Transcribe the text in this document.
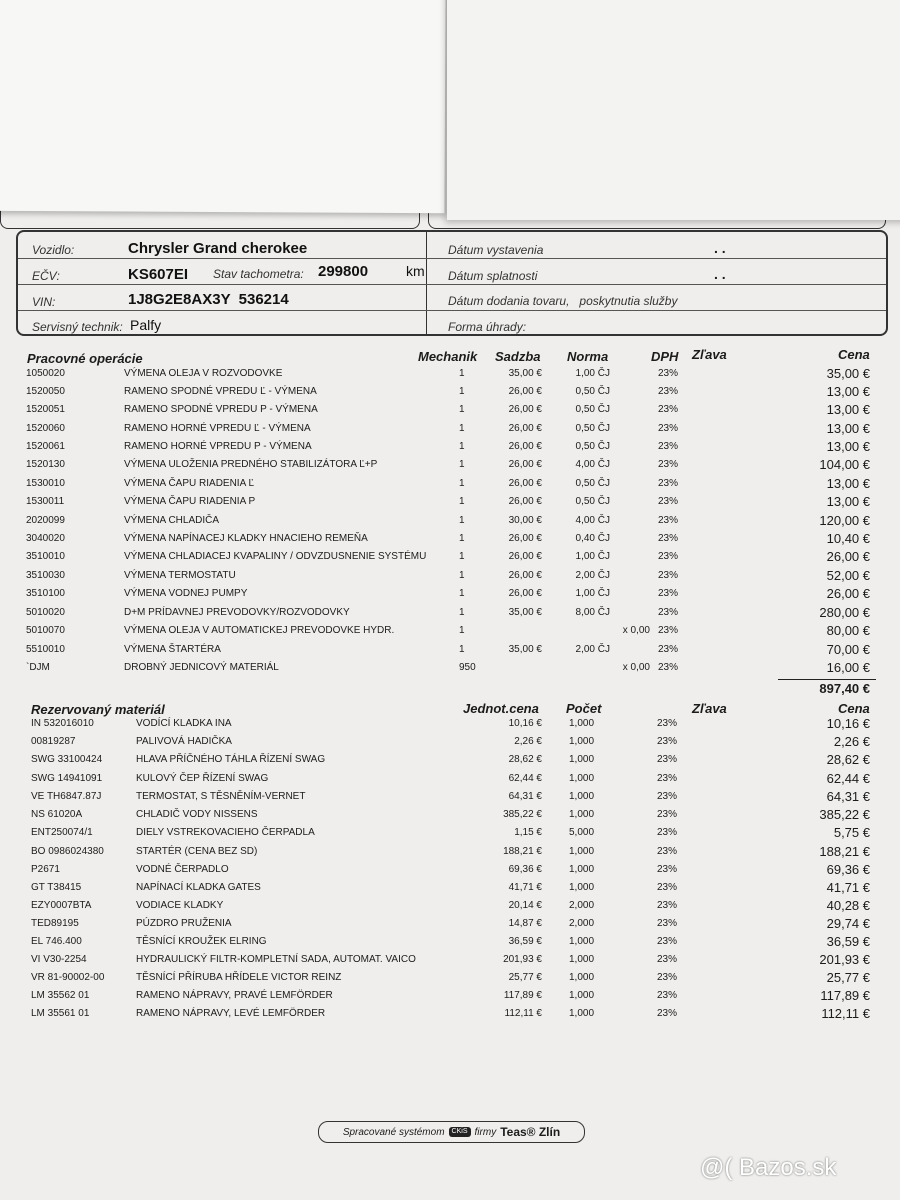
Vozidlo:	Chrysler Grand cherokee
EČV:	KS607EI Stav tachometra: 299800	km
VIN:	1J8G2E8AX3Y  536214
Servisný technik: Palfy
Dátum vystavenia	. .
Dátum splatnosti	. .
Dátum dodania tovaru,   poskytnutia služby
Forma úhrady:
Pracovné operácie	Mechanik Sadzba Norma	DPH Zľava	Cena
1050020	VÝMENA OLEJA V ROZVODOVKE	1	35,00 €	1,00 ČJ	23%	35,00 €
1520050	RAMENO SPODNÉ VPREDU Ľ - VÝMENA	1	26,00 €	0,50 ČJ	23%	13,00 €
1520051	RAMENO SPODNÉ VPREDU P - VÝMENA	1	26,00 €	0,50 ČJ	23%	13,00 €
1520060	RAMENO HORNÉ VPREDU Ľ - VÝMENA	1	26,00 €	0,50 ČJ	23%	13,00 €
1520061	RAMENO HORNÉ VPREDU P - VÝMENA	1	26,00 €	0,50 ČJ	23%	13,00 €
1520130	VÝMENA ULOŽENIA PREDNÉHO STABILIZÁTORA Ľ+P	1	26,00 €	4,00 ČJ	23%	104,00 €
1530010	VÝMENA ČAPU RIADENIA Ľ	1	26,00 €	0,50 ČJ	23%	13,00 €
1530011	VÝMENA ČAPU RIADENIA P	1	26,00 €	0,50 ČJ	23%	13,00 €
2020099	VÝMENA CHLADIČA	1	30,00 €	4,00 ČJ	23%	120,00 €
3040020	VÝMENA NAPÍNACEJ KLADKY HNACIEHO REMEŇA	1	26,00 €	0,40 ČJ	23%	10,40 €
3510010	VÝMENA CHLADIACEJ KVAPALINY / ODVZDUSNENIE SYSTÉMU	1	26,00 €	1,00 ČJ	23%	26,00 €
3510030	VÝMENA TERMOSTATU	1	26,00 €	2,00 ČJ	23%	52,00 €
3510100	VÝMENA VODNEJ PUMPY	1	26,00 €	1,00 ČJ	23%	26,00 €
5010020	D+M PRÍDAVNEJ PREVODOVKY/ROZVODOVKY	1	35,00 €	8,00 ČJ	23%	280,00 €
5010070	VÝMENA OLEJA V AUTOMATICKEJ PREVODOVKE HYDR.	1	x 0,00 23%	80,00 €
5510010	VÝMENA ŠTARTÉRA	1	35,00 €	2,00 ČJ	23%	70,00 €
`DJM	DROBNÝ JEDNICOVÝ MATERIÁL	950	x 0,00 23%	16,00 €
897,40 €
Rezervovaný materiál	Jednot.cena Počet	Zľava	Cena
IN 532016010	VODÍCÍ KLADKA INA	10,16 €	1,000	23%	10,16 €
00819287	PALIVOVÁ HADIČKA	2,26 €	1,000	23%	2,26 €
SWG 33100424	HLAVA PŘÍČNÉHO TÁHLA ŘÍZENÍ SWAG	28,62 €	1,000	23%	28,62 €
SWG 14941091	KULOVÝ ČEP ŘÍZENÍ SWAG	62,44 €	1,000	23%	62,44 €
VE TH6847.87J	TERMOSTAT, S TĚSNĚNÍM-VERNET	64,31 €	1,000	23%	64,31 €
NS 61020A	CHLADIČ VODY NISSENS	385,22 €	1,000	23%	385,22 €
ENT250074/1	DIELY VSTREKOVACIEHO ČERPADLA	1,15 €	5,000	23%	5,75 €
BO 0986024380	STARTÉR (CENA BEZ SD)	188,21 €	1,000	23%	188,21 €
P2671	VODNÉ ČERPADLO	69,36 €	1,000	23%	69,36 €
GT T38415	NAPÍNACÍ KLADKA GATES	41,71 €	1,000	23%	41,71 €
EZY0007BTA	VODIACE KLADKY	20,14 €	2,000	23%	40,28 €
TED89195	PÚZDRO PRUŽENIA	14,87 €	2,000	23%	29,74 €
EL 746.400	TĚSNÍCÍ KROUŽEK ELRING	36,59 €	1,000	23%	36,59 €
VI V30-2254	HYDRAULICKÝ FILTR-KOMPLETNÍ SADA, AUTOMAT. VAICO	201,93 €	1,000	23%	201,93 €
VR 81-90002-00	TĚSNÍCÍ PŘÍRUBA HŘÍDELE VICTOR REINZ	25,77 €	1,000	23%	25,77 €
LM 35562 01	RAMENO NÁPRAVY, PRAVÉ LEMFÖRDER	117,89 €	1,000	23%	117,89 €
LM 35561 01	RAMENO NÁPRAVY, LEVÉ LEMFÖRDER	112,11 €	1,000	23%	112,11 €
Spracované systémom	CKiS firmy Teas® Zlín
@( Bazos.sk
